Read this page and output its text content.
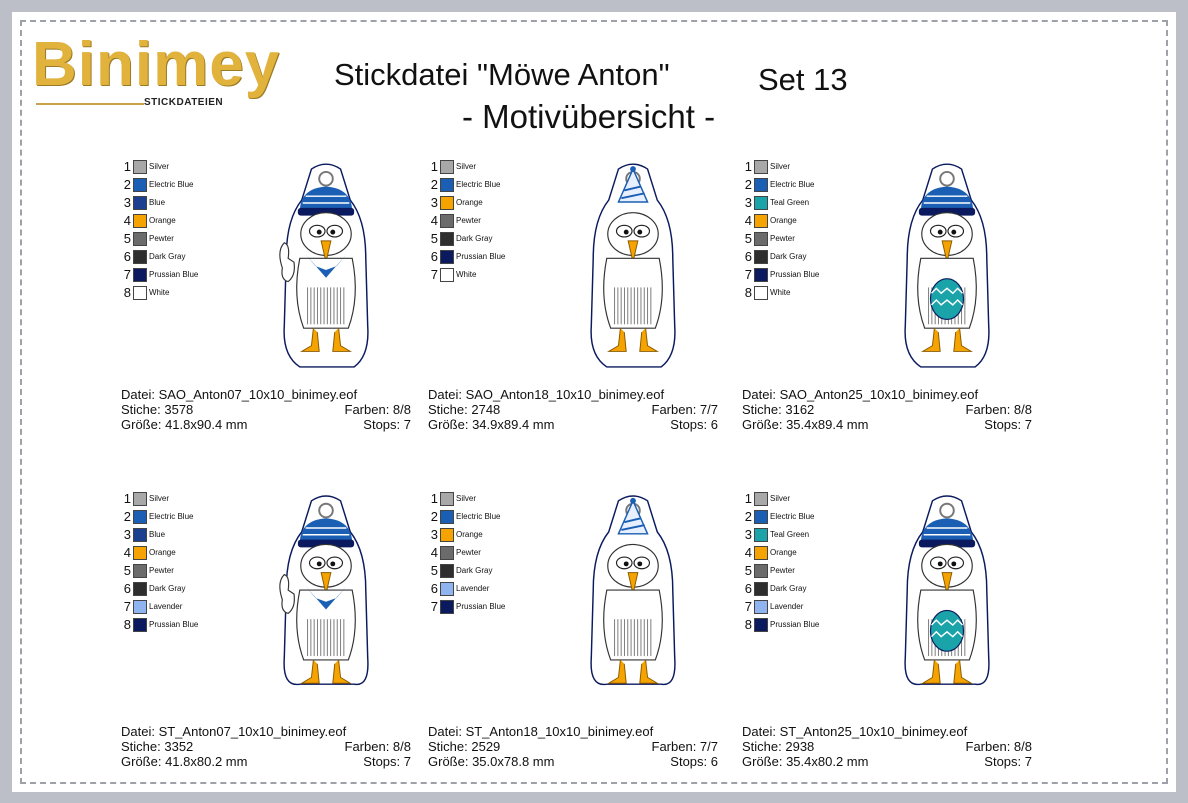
Binimey
STICKDATEIEN
Stickdatei "Möwe Anton"	Set 13
- Motivübersicht -
1 Silver
2 Electric Blue
3 Blue
4 Orange
5 Pewter
6 Dark Gray
7 Prussian Blue
8 White
Datei: SAO_Anton07_10x10_binimey.eof
Stiche: 3578	Farben: 8/8
Größe: 41.8x90.4 mm	Stops: 7
1 Silver
2 Electric Blue
3 Orange
4 Pewter
5 Dark Gray
6 Prussian Blue
7 White
Datei: SAO_Anton18_10x10_binimey.eof
Stiche: 2748	Farben: 7/7
Größe: 34.9x89.4 mm	Stops: 6
1 Silver
2 Electric Blue
3 Teal Green
4 Orange
5 Pewter
6 Dark Gray
7 Prussian Blue
8 White
Datei: SAO_Anton25_10x10_binimey.eof
Stiche: 3162	Farben: 8/8
Größe: 35.4x89.4 mm	Stops: 7
1 Silver
2 Electric Blue
3 Blue
4 Orange
5 Pewter
6 Dark Gray
7 Lavender
8 Prussian Blue
Datei: ST_Anton07_10x10_binimey.eof
Stiche: 3352	Farben: 8/8
Größe: 41.8x80.2 mm	Stops: 7
1 Silver
2 Electric Blue
3 Orange
4 Pewter
5 Dark Gray
6 Lavender
7 Prussian Blue
Datei: ST_Anton18_10x10_binimey.eof
Stiche: 2529	Farben: 7/7
Größe: 35.0x78.8 mm	Stops: 6
1 Silver
2 Electric Blue
3 Teal Green
4 Orange
5 Pewter
6 Dark Gray
7 Lavender
8 Prussian Blue
Datei: ST_Anton25_10x10_binimey.eof
Stiche: 2938	Farben: 8/8
Größe: 35.4x80.2 mm	Stops: 7
